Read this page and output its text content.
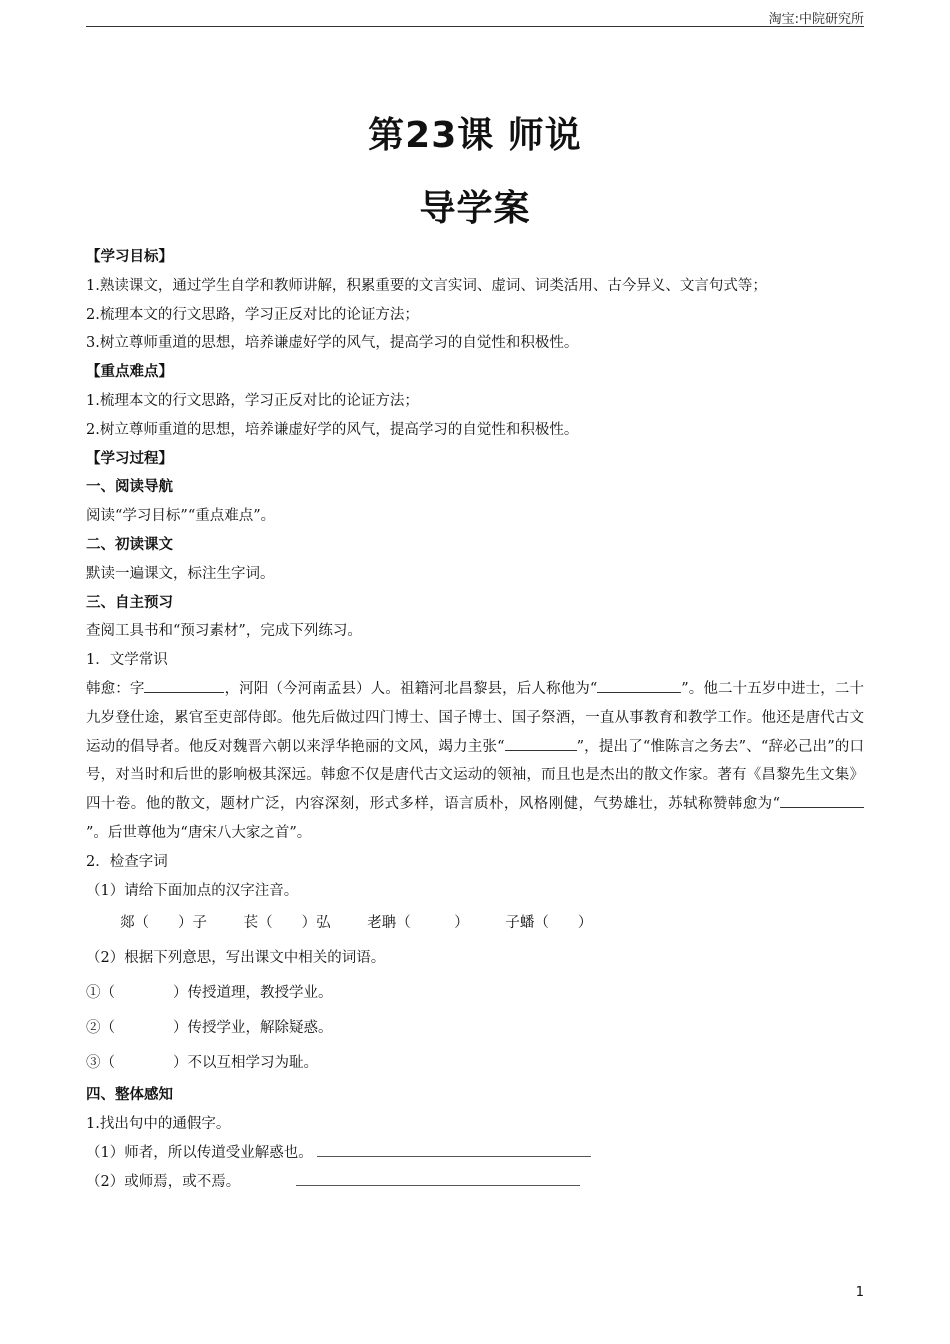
淘宝:中院研究所
第23课 师说
导学案

【学习目标】

1.熟读课文，通过学生自学和教师讲解，积累重要的文言实词、虚词、词类活用、古今异义、文言句式等；

2.梳理本文的行文思路，学习正反对比的论证方法；

3.树立尊师重道的思想，培养谦虚好学的风气，提高学习的自觉性和积极性。

【重点难点】

1.梳理本文的行文思路，学习正反对比的论证方法；

2.树立尊师重道的思想，培养谦虚好学的风气，提高学习的自觉性和积极性。

【学习过程】

一、阅读导航

阅读“学习目标”“重点难点”。

二、初读课文

默读一遍课文，标注生字词。

三、自主预习

查阅工具书和“预习素材”，完成下列练习。

1．文学常识

韩愈：字	，河阳（今河南孟县）人。祖籍河北昌黎县，后人称他为“	”。他二十五岁中进士，二十九岁登仕途，累官至吏部侍郎。他先后做过四门博士、国子博士、国子祭酒，一直从事教育和教学工作。他还是唐代古文运动的倡导者。他反对魏晋六朝以来浮华艳丽的文风，竭力主张“	”，提出了“惟陈言之务去”、“辞必己出”的口号，对当时和后世的影响极其深远。韩愈不仅是唐代古文运动的领袖，而且也是杰出的散文作家。著有《昌黎先生文集》四十卷。他的散文，题材广泛，内容深刻，形式多样，语言质朴，风格刚健，气势雄壮，苏轼称赞韩愈为“”。后世尊他为“唐宋八大家之首”。

2．检查字词

（1）请给下面加点的汉字注音。

郯（　　）子	苌（　　）弘	老聃（　　　）	子蟠（　　）

（2）根据下列意思，写出课文中相关的词语。

①（　　　　）传授道理，教授学业。

②（　　　　）传授学业，解除疑惑。

③（　　　　）不以互相学习为耻。

四、整体感知

1.找出句中的通假字。

（1）师者，所以传道受业解惑也。

（2）或师焉，或不焉。

1
